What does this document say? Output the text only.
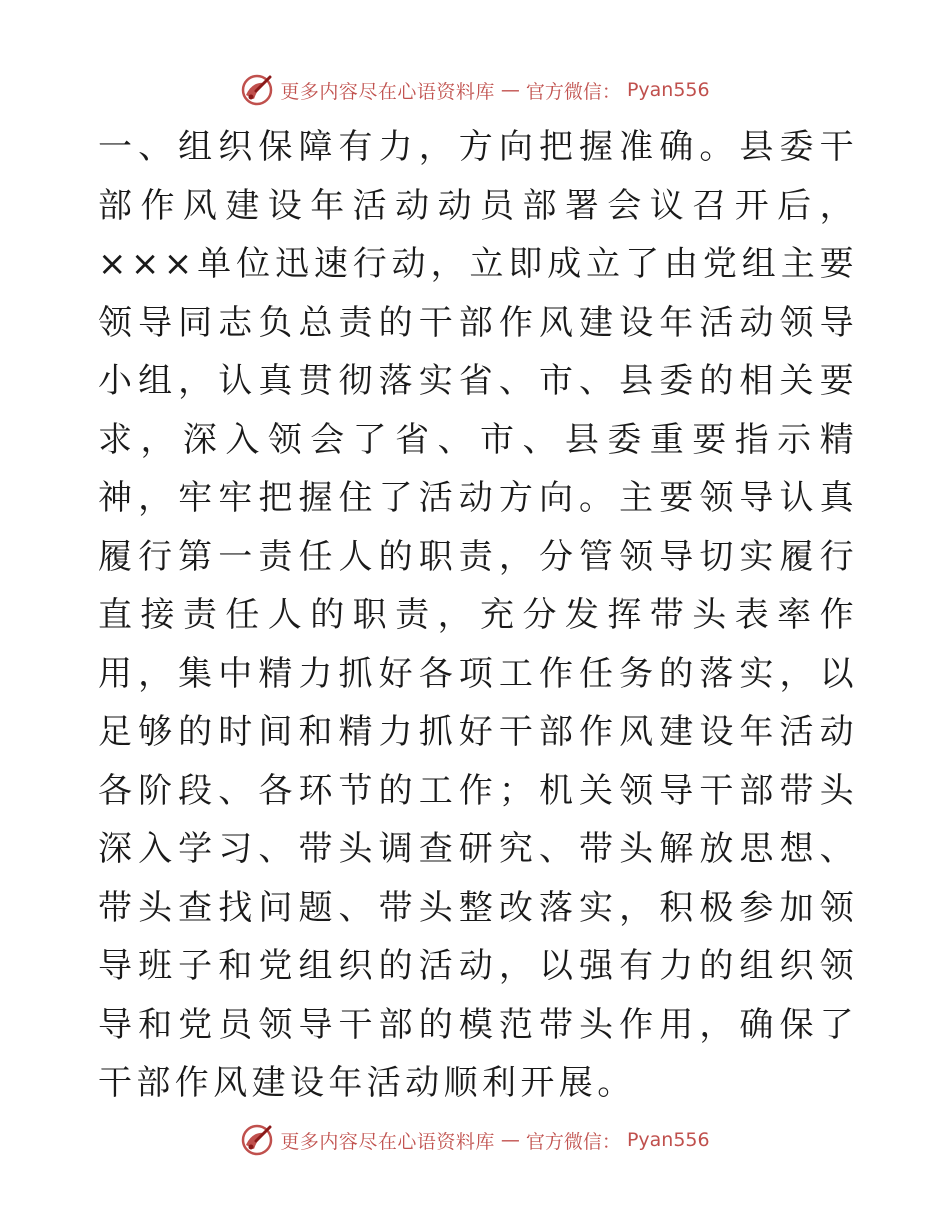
更多内容尽在心语资料库 — 官方微信： Pyan556

一、组织保障有力，方向把握准确。县委干部作风建设年活动动员部署会议召开后，×××单位迅速行动，立即成立了由党组主要领导同志负总责的干部作风建设年活动领导小组，认真贯彻落实省、市、县委的相关要求，深入领会了省、市、县委重要指示精神，牢牢把握住了活动方向。主要领导认真履行第一责任人的职责，分管领导切实履行直接责任人的职责，充分发挥带头表率作用，集中精力抓好各项工作任务的落实，以足够的时间和精力抓好干部作风建设年活动各阶段、各环节的工作；机关领导干部带头深入学习、带头调查研究、带头解放思想、带头查找问题、带头整改落实，积极参加领导班子和党组织的活动，以强有力的组织领导和党员领导干部的模范带头作用，确保了干部作风建设年活动顺利开展。

更多内容尽在心语资料库 — 官方微信： Pyan556
